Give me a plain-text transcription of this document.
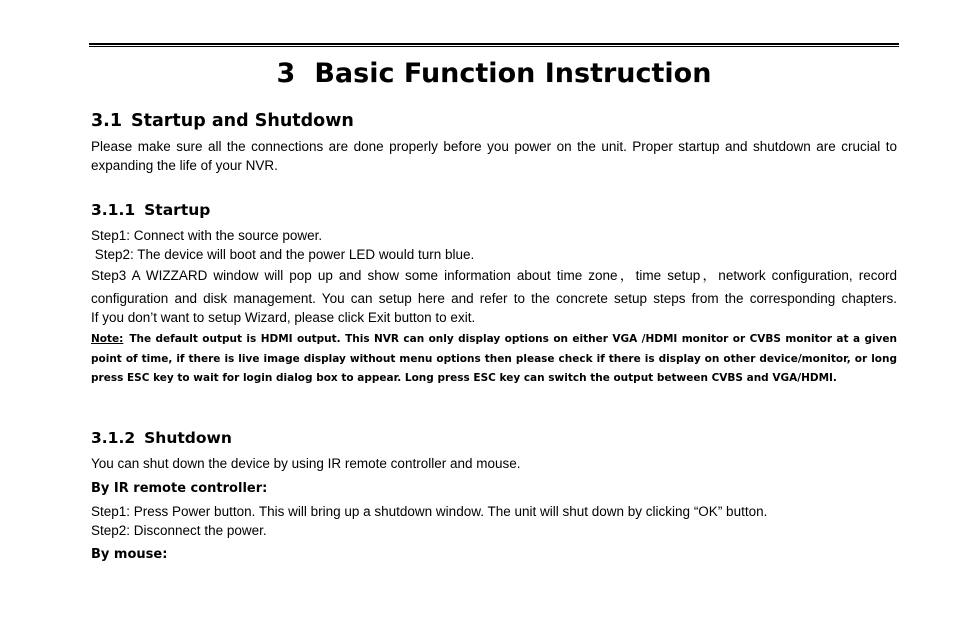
3 Basic Function Instruction
3.1 Startup and Shutdown
Please make sure all the connections are done properly before you power on the unit. Proper startup and shutdown are crucial to expanding the life of your NVR.
3.1.1 Startup
Step1: Connect with the source power.
Step2: The device will boot and the power LED would turn blue.
Step3 A WIZZARD window will pop up and show some information about time zone，time setup，network configuration, record
configuration and disk management. You can setup here and refer to the concrete setup steps from the corresponding chapters.
If you don’t want to setup Wizard, please click Exit button to exit.
Note: The default output is HDMI output. This NVR can only display options on either VGA /HDMI monitor or CVBS monitor at a given point of time, if there is live image display without menu options then please check if there is display on other device/monitor, or long press ESC key to wait for login dialog box to appear. Long press ESC key can switch the output between CVBS and VGA/HDMI.
3.1.2 Shutdown
You can shut down the device by using IR remote controller and mouse.
By IR remote controller:
Step1: Press Power button. This will bring up a shutdown window. The unit will shut down by clicking “OK” button.
Step2: Disconnect the power.
By mouse:
